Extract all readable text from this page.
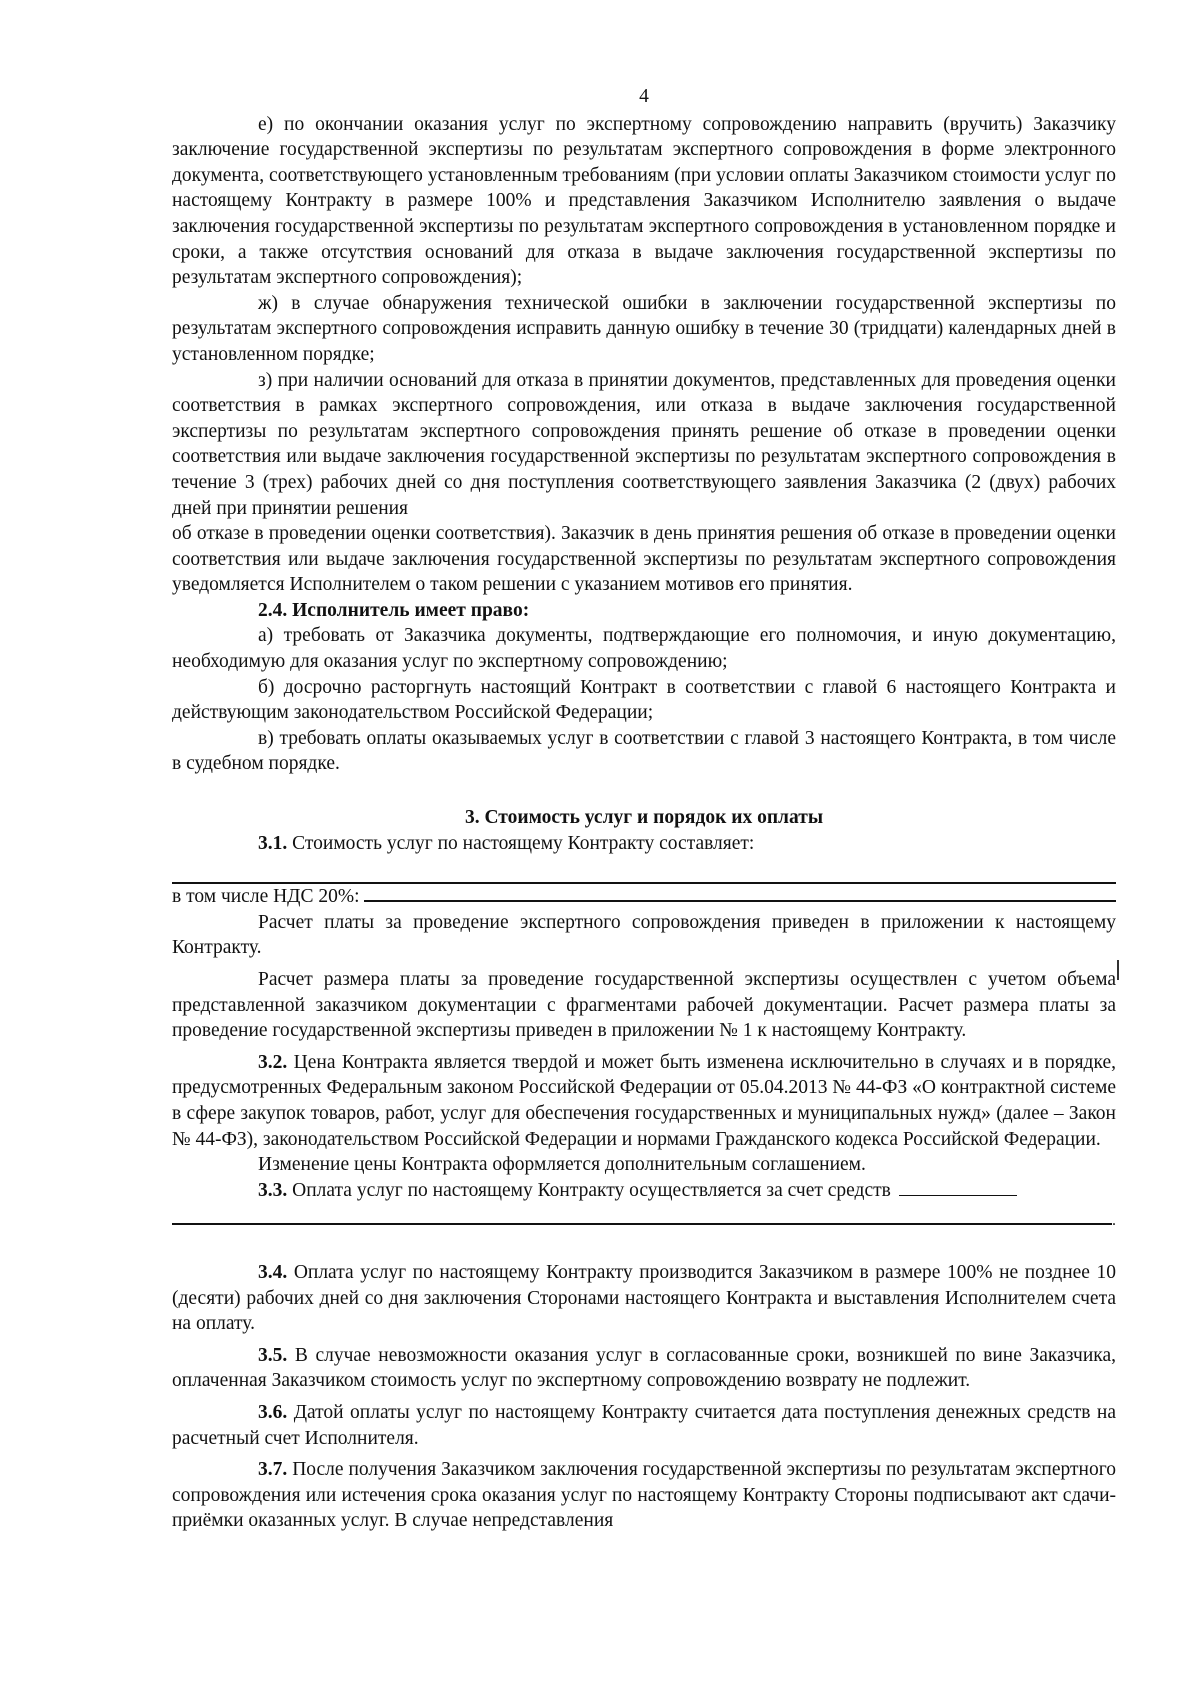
4

е) по окончании оказания услуг по экспертному сопровождению направить (вручить) Заказчику заключение государственной экспертизы по результатам экспертного сопровождения в форме электронного документа, соответствующего установленным требованиям (при условии оплаты Заказчиком стоимости услуг по настоящему Контракту в размере 100% и представления Заказчиком Исполнителю заявления о выдаче заключения государственной экспертизы по результатам экспертного сопровождения в установленном порядке и сроки, а также отсутствия оснований для отказа в выдаче заключения государственной экспертизы по результатам экспертного сопровождения);

ж) в случае обнаружения технической ошибки в заключении государственной экспертизы по результатам экспертного сопровождения исправить данную ошибку в течение 30 (тридцати) календарных дней в установленном порядке;

з) при наличии оснований для отказа в принятии документов, представленных для проведения оценки соответствия в рамках экспертного сопровождения, или отказа в выдаче заключения государственной экспертизы по результатам экспертного сопровождения принять решение об отказе в проведении оценки соответствия или выдаче заключения государственной экспертизы по результатам экспертного сопровождения в течение 3 (трех) рабочих дней со дня поступления соответствующего заявления Заказчика (2 (двух) рабочих дней при принятии решения

об отказе в проведении оценки соответствия). Заказчик в день принятия решения об отказе в проведении оценки соответствия или выдаче заключения государственной экспертизы по результатам экспертного сопровождения уведомляется Исполнителем о таком решении с указанием мотивов его принятия.

2.4. Исполнитель имеет право:

а) требовать от Заказчика документы, подтверждающие его полномочия, и иную документацию, необходимую для оказания услуг по экспертному сопровождению;

б) досрочно расторгнуть настоящий Контракт в соответствии с главой 6 настоящего Контракта и действующим законодательством Российской Федерации;

в) требовать оплаты оказываемых услуг в соответствии с главой 3 настоящего Контракта, в том числе в судебном порядке.

3. Стоимость услуг и порядок их оплаты

3.1. Стоимость услуг по настоящему Контракту составляет:

в том числе НДС 20%:

Расчет платы за проведение экспертного сопровождения приведен в приложении к настоящему Контракту.

Расчет размера платы за проведение государственной экспертизы осуществлен с учетом объема представленной заказчиком документации с фрагментами рабочей документации. Расчет размера платы за проведение государственной экспертизы приведен в приложении № 1 к настоящему Контракту.

3.2. Цена Контракта является твердой и может быть изменена исключительно в случаях и в порядке, предусмотренных Федеральным законом Российской Федерации от 05.04.2013 № 44-ФЗ «О контрактной системе в сфере закупок товаров, работ, услуг для обеспечения государственных и муниципальных нужд» (далее – Закон № 44-ФЗ), законодательством Российской Федерации и нормами Гражданского кодекса Российской Федерации.

Изменение цены Контракта оформляется дополнительным соглашением.

3.3. Оплата услуг по настоящему Контракту осуществляется за счет средств
.

3.4. Оплата услуг по настоящему Контракту производится Заказчиком в размере 100% не позднее 10 (десяти) рабочих дней со дня заключения Сторонами настоящего Контракта и выставления Исполнителем счета на оплату.

3.5. В случае невозможности оказания услуг в согласованные сроки, возникшей по вине Заказчика, оплаченная Заказчиком стоимость услуг по экспертному сопровождению возврату не подлежит.

3.6. Датой оплаты услуг по настоящему Контракту считается дата поступления денежных средств на расчетный счет Исполнителя.

3.7. После получения Заказчиком заключения государственной экспертизы по результатам экспертного сопровождения или истечения срока оказания услуг по настоящему Контракту Стороны подписывают акт сдачи-приёмки оказанных услуг. В случае непредставления
